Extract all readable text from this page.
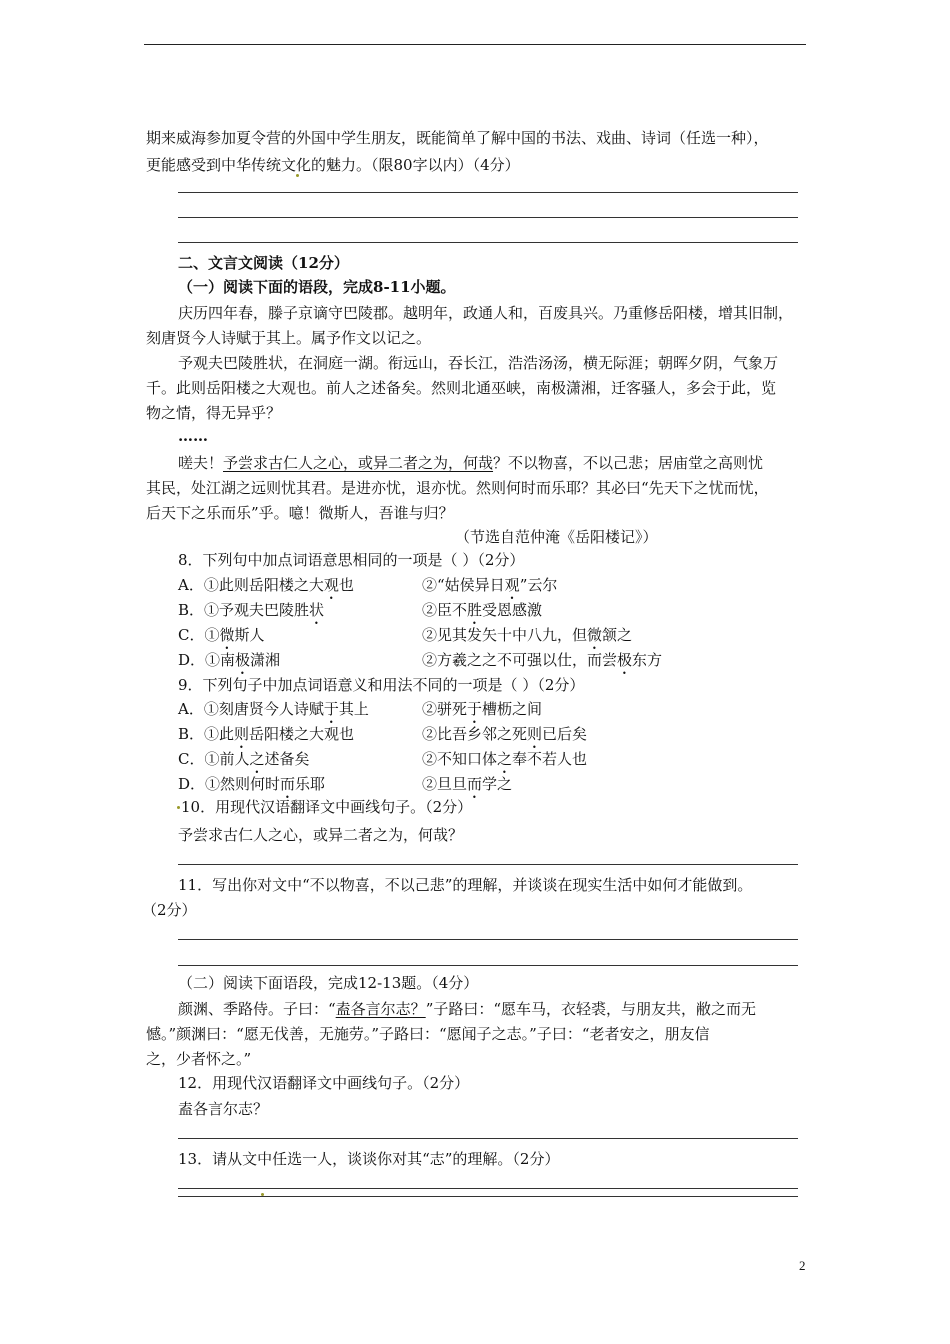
期来威海参加夏令营的外国中学生朋友，既能简单了解中国的书法、戏曲、诗词（任选一种），
更能感受到中华传统文化的魅力。（限80字以内）（4分）
二、文言文阅读（12分）
（一）阅读下面的语段，完成8-11小题。
庆历四年春，滕子京谪守巴陵郡。越明年，政通人和，百废具兴。乃重修岳阳楼，增其旧制，
刻唐贤今人诗赋于其上。属予作文以记之。
予观夫巴陵胜状，在洞庭一湖。衔远山，吞长江，浩浩汤汤，横无际涯；朝晖夕阴，气象万
千。此则岳阳楼之大观也。前人之述备矣。然则北通巫峡，南极潇湘，迁客骚人，多会于此，览
物之情，得无异乎？
……
嗟夫！予尝求古仁人之心，或异二者之为，何哉？不以物喜，不以己悲；居庙堂之高则忧
其民，处江湖之远则忧其君。是进亦忧，退亦忧。然则何时而乐耶？其必曰“先天下之忧而忧，
后天下之乐而乐”乎。噫！微斯人，吾谁与归？
（节选自范仲淹《岳阳楼记》）
8．下列句中加点词语意思相同的一项是（ ）（2分）
A．①此则岳阳楼之大观也	②“姑侯异日观”云尔
B．①予观夫巴陵胜状	②臣不胜受恩感激
C．①微斯人	②见其发矢十中八九，但微颔之
D．①南极潇湘	②方羲之之不可强以仕，而尝极东方
9．下列句子中加点词语意义和用法不同的一项是（ ）（2分）
A．①刻唐贤今人诗赋于其上	②骈死于槽枥之间
B．①此则岳阳楼之大观也	②比吾乡邻之死则已后矣
C．①前人之述备矣	②不知口体之奉不若人也
D．①然则何时而乐耶	②旦旦而学之
10．用现代汉语翻译文中画线句子。（2分）
予尝求古仁人之心，或异二者之为，何哉？
11．写出你对文中“不以物喜，不以己悲”的理解，并谈谈在现实生活中如何才能做到。
（2分）
（二）阅读下面语段，完成12-13题。（4分）
颜渊、季路侍。子曰：“盍各言尔志？”子路曰：“愿车马，衣轻裘，与朋友共，敝之而无
憾。”颜渊曰：“愿无伐善，无施劳。”子路曰：“愿闻子之志。”子曰：“老者安之，朋友信
之，少者怀之。”
12．用现代汉语翻译文中画线句子。（2分）
盍各言尔志？
13．请从文中任选一人，谈谈你对其“志”的理解。（2分）
2
